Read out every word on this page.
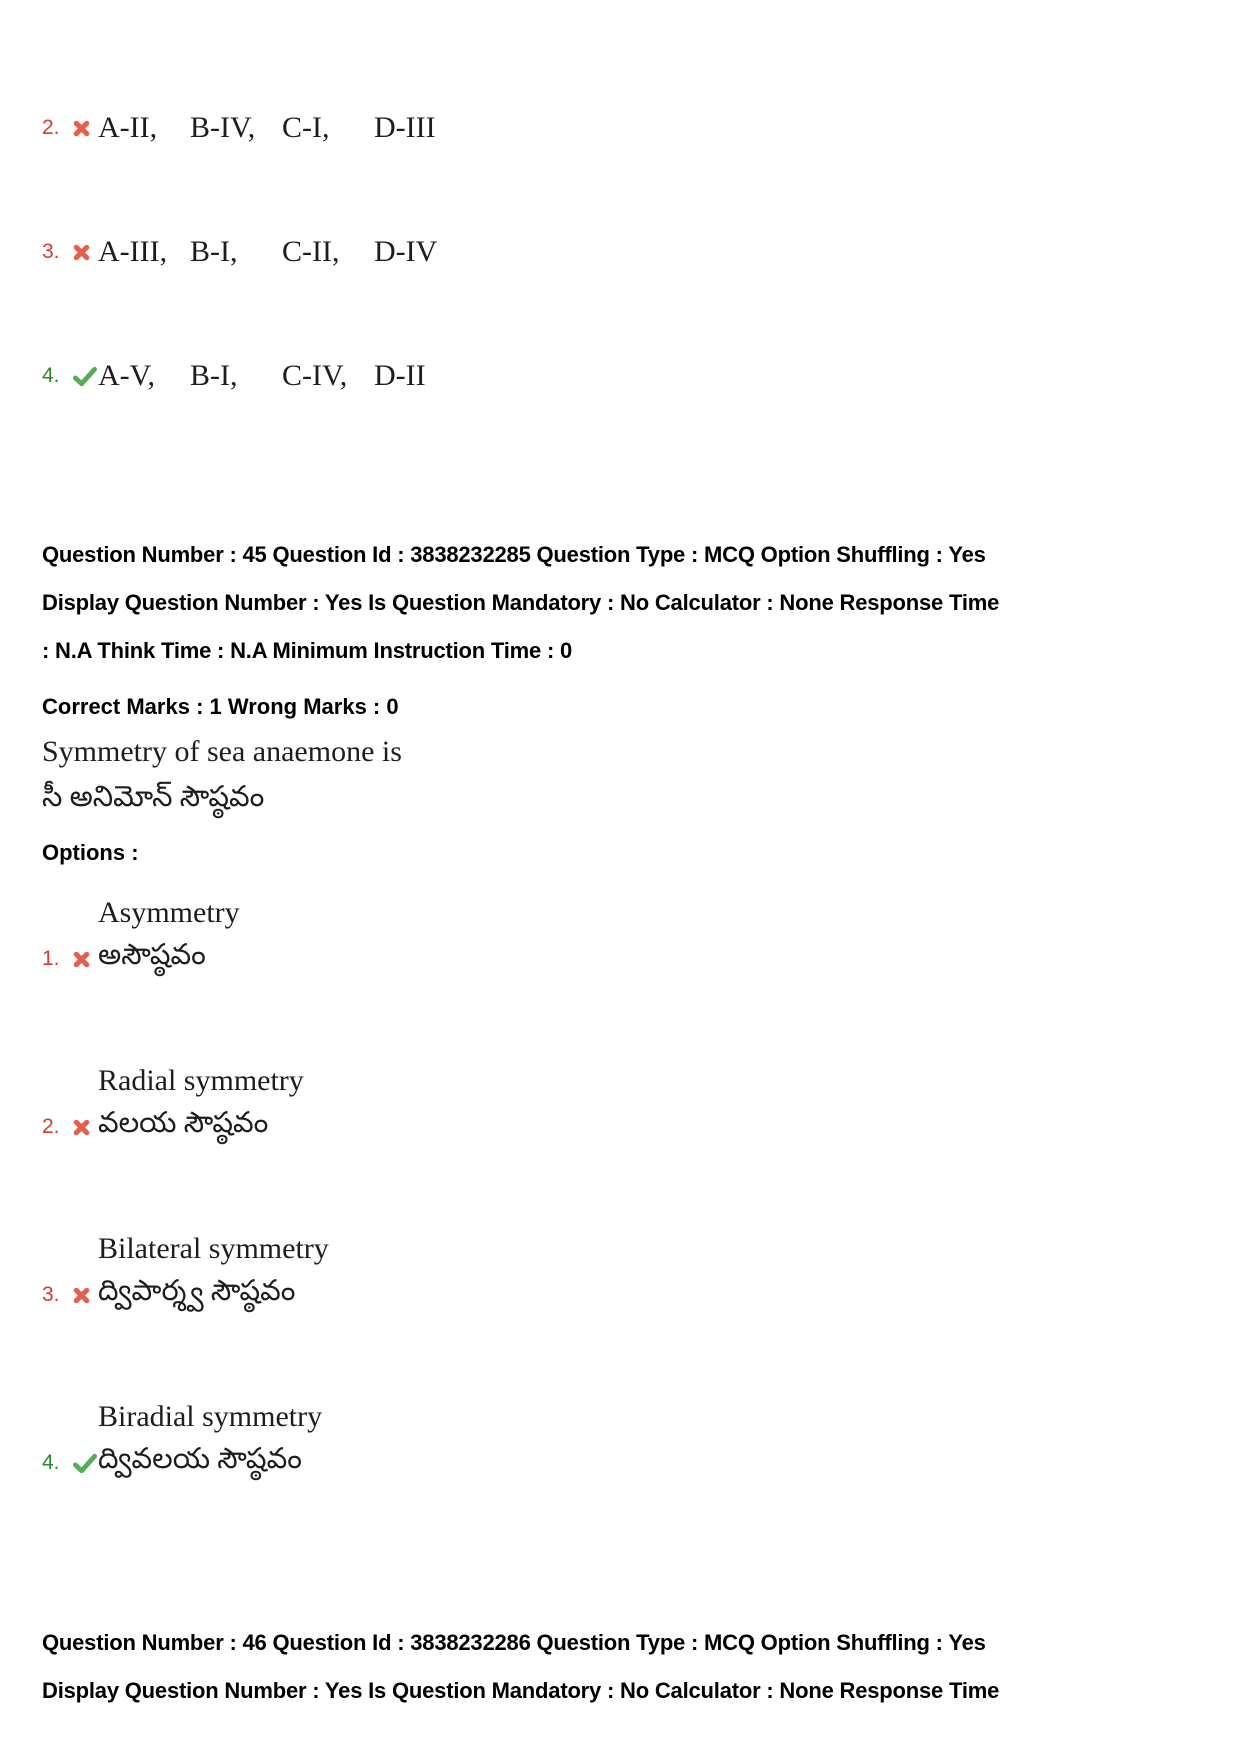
2.	A-II, B-IV, C-I, D-III
3.	A-III, B-I, C-II, D-IV
4.	A-V, B-I, C-IV, D-II
Question Number : 45 Question Id : 3838232285 Question Type : MCQ Option Shuffling : Yes
Display Question Number : Yes Is Question Mandatory : No Calculator : None Response Time
: N.A Think Time : N.A Minimum Instruction Time : 0
Correct Marks : 1 Wrong Marks : 0
Symmetry of sea anaemone is
సీ అనిమోన్ సౌష్ఠవం
Options :
Asymmetry
1.	అసౌష్ఠవం
Radial symmetry
2.	వలయ సౌష్ఠవం
Bilateral symmetry
3.	ద్విపార్శ్వ సౌష్ఠవం
Biradial symmetry
4.	ద్వివలయ సౌష్ఠవం
Question Number : 46 Question Id : 3838232286 Question Type : MCQ Option Shuffling : Yes
Display Question Number : Yes Is Question Mandatory : No Calculator : None Response Time
